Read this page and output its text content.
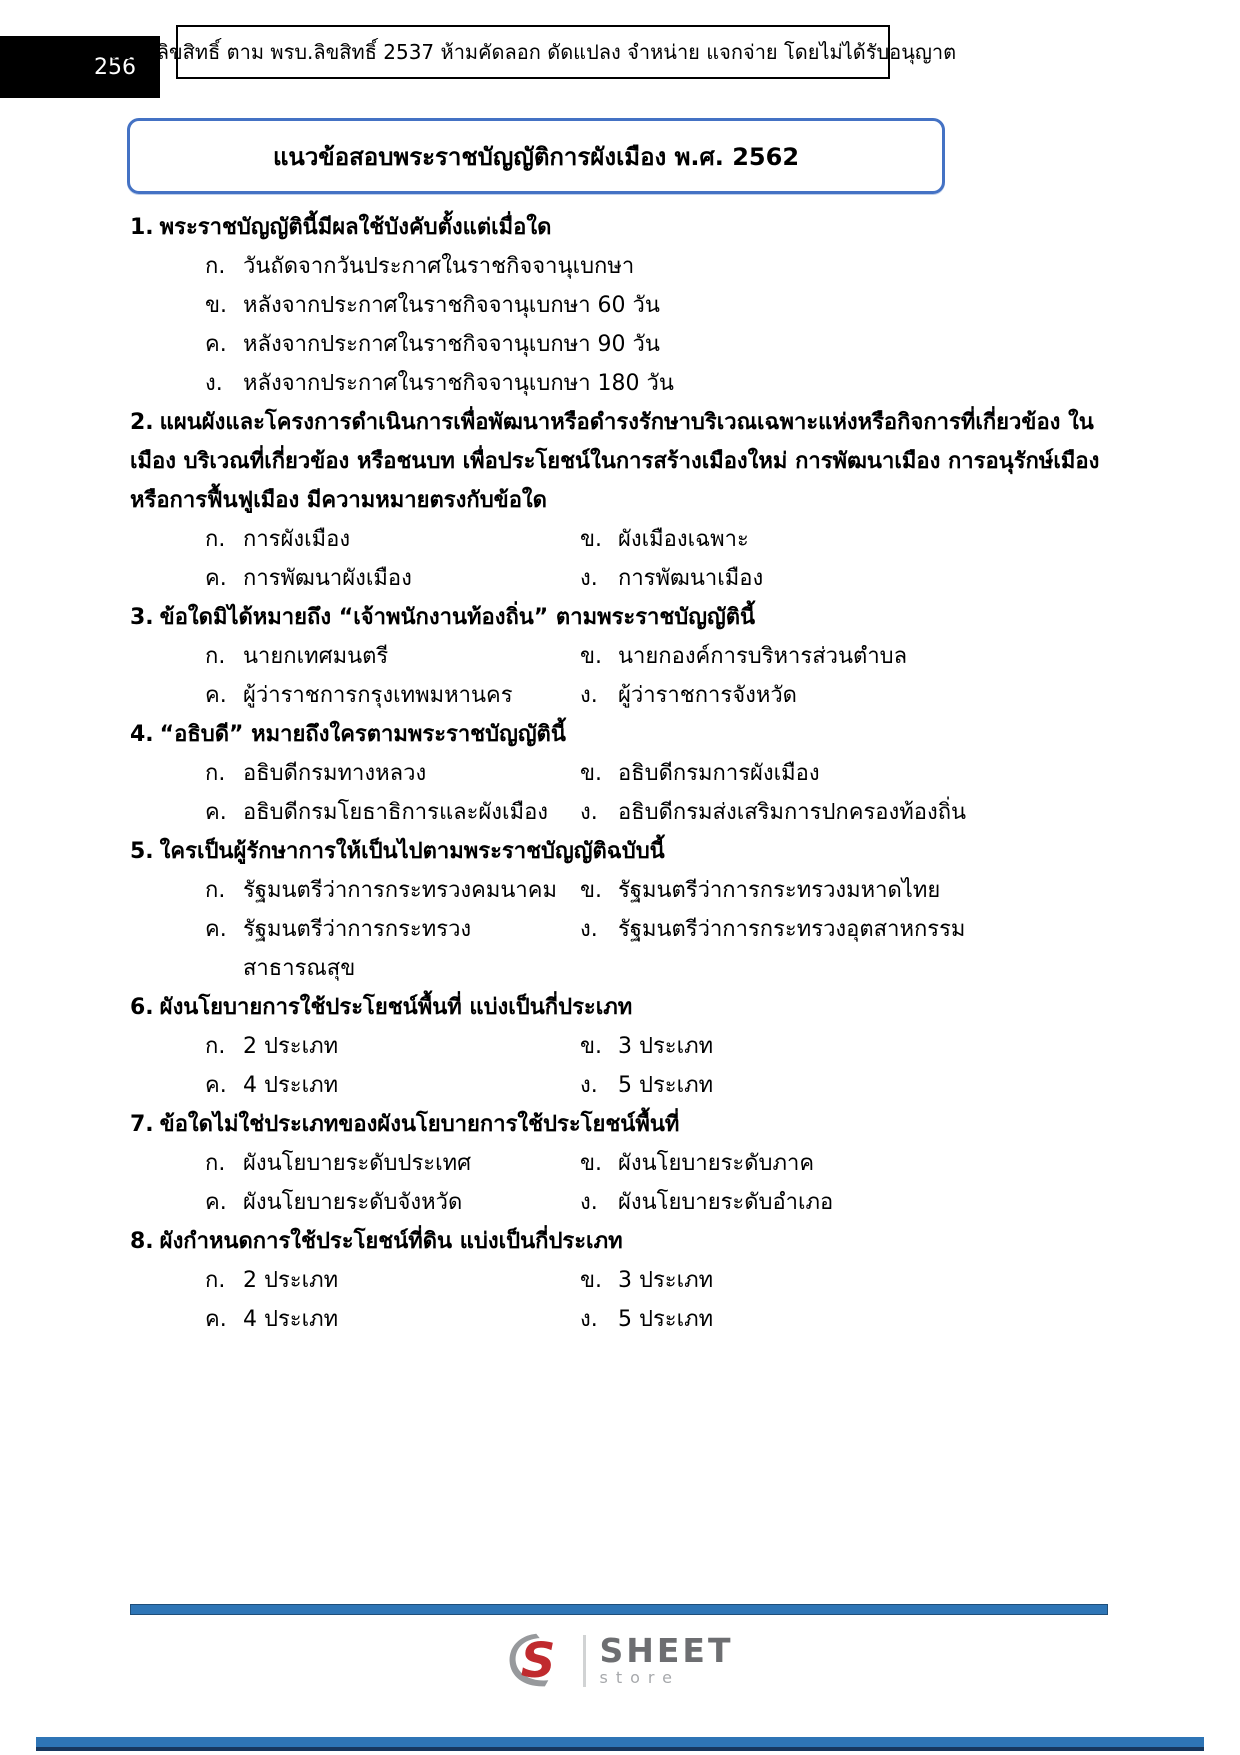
256
สงวนลิขสิทธิ์ ตาม พรบ.ลิขสิทธิ์ 2537 ห้ามคัดลอก ดัดแปลง จำหน่าย แจกจ่าย โดยไม่ได้รับอนุญาต
แนวข้อสอบพระราชบัญญัติการผังเมือง พ.ศ. 2562
1. พระราชบัญญัตินี้มีผลใช้บังคับตั้งแต่เมื่อใด
ก. วันถัดจากวันประกาศในราชกิจจานุเบกษา
ข. หลังจากประกาศในราชกิจจานุเบกษา 60 วัน
ค. หลังจากประกาศในราชกิจจานุเบกษา 90 วัน
ง. หลังจากประกาศในราชกิจจานุเบกษา 180 วัน
2. แผนผังและโครงการดำเนินการเพื่อพัฒนาหรือดำรงรักษาบริเวณเฉพาะแห่งหรือกิจการที่เกี่ยวข้อง ในเมือง บริเวณที่เกี่ยวข้อง หรือชนบท เพื่อประโยชน์ในการสร้างเมืองใหม่ การพัฒนาเมือง การอนุรักษ์เมือง หรือการฟื้นฟูเมือง มีความหมายตรงกับข้อใด
ก. การผังเมือง	ข. ผังเมืองเฉพาะ
ค. การพัฒนาผังเมือง	ง. การพัฒนาเมือง
3. ข้อใดมิได้หมายถึง “เจ้าพนักงานท้องถิ่น” ตามพระราชบัญญัตินี้
ก. นายกเทศมนตรี	ข. นายกองค์การบริหารส่วนตำบล
ค. ผู้ว่าราชการกรุงเทพมหานคร	ง. ผู้ว่าราชการจังหวัด
4. “อธิบดี” หมายถึงใครตามพระราชบัญญัตินี้
ก. อธิบดีกรมทางหลวง	ข. อธิบดีกรมการผังเมือง
ค. อธิบดีกรมโยธาธิการและผังเมือง	ง. อธิบดีกรมส่งเสริมการปกครองท้องถิ่น
5. ใครเป็นผู้รักษาการให้เป็นไปตามพระราชบัญญัติฉบับนี้
ก. รัฐมนตรีว่าการกระทรวงคมนาคม	ข. รัฐมนตรีว่าการกระทรวงมหาดไทย
ค. รัฐมนตรีว่าการกระทรวงสาธารณสุข
ง. รัฐมนตรีว่าการกระทรวงอุตสาหกรรม
6. ผังนโยบายการใช้ประโยชน์พื้นที่ แบ่งเป็นกี่ประเภท
ก. 2 ประเภท	ข. 3 ประเภท
ค. 4 ประเภท	ง. 5 ประเภท
7. ข้อใดไม่ใช่ประเภทของผังนโยบายการใช้ประโยชน์พื้นที่
ก. ผังนโยบายระดับประเทศ	ข. ผังนโยบายระดับภาค
ค. ผังนโยบายระดับจังหวัด	ง. ผังนโยบายระดับอำเภอ
8. ผังกำหนดการใช้ประโยชน์ที่ดิน แบ่งเป็นกี่ประเภท
ก. 2 ประเภท	ข. 3 ประเภท
ค. 4 ประเภท	ง. 5 ประเภท
S SHEET
store
